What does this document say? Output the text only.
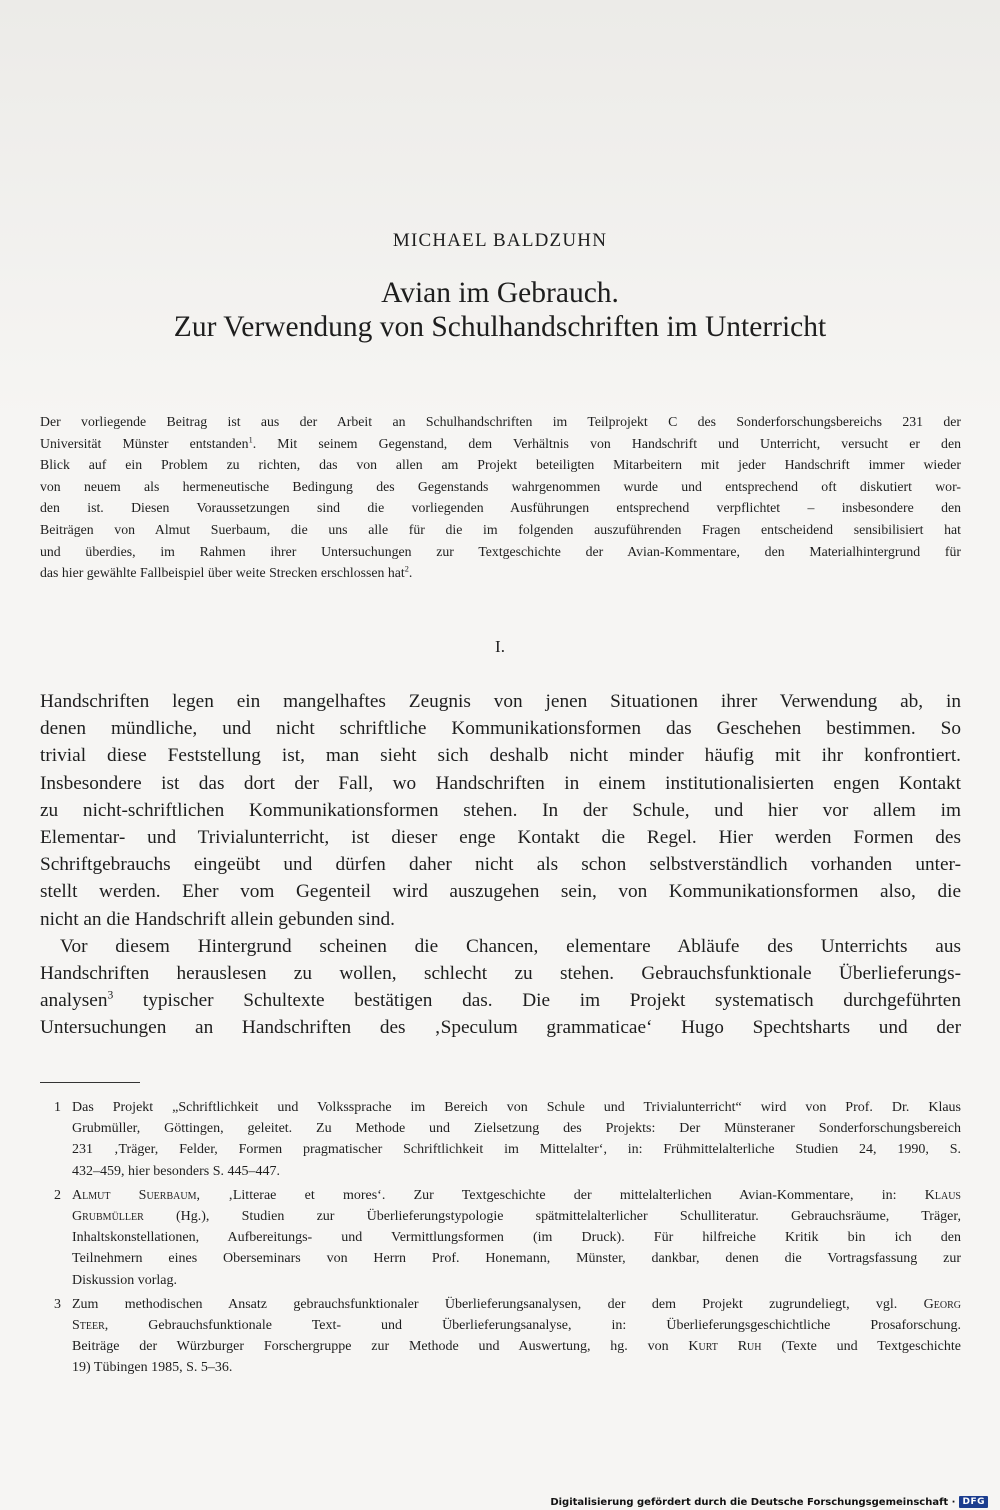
MICHAEL BALDZUHN
Avian im Gebrauch.
Zur Verwendung von Schulhandschriften im Unterricht
Der vorliegende Beitrag ist aus der Arbeit an Schulhandschriften im Teilprojekt C des Sonderforschungsbereichs 231 der
Universität Münster entstanden$^1$. Mit seinem Gegenstand, dem Verhältnis von Handschrift und Unterricht, versucht er den
Blick auf ein Problem zu richten, das von allen am Projekt beteiligten Mitarbeitern mit jeder Handschrift immer wieder
von neuem als hermeneutische Bedingung des Gegenstands wahrgenommen wurde und entsprechend oft diskutiert wor-
den ist. Diesen Voraussetzungen sind die vorliegenden Ausführungen entsprechend verpflichtet – insbesondere den
Beiträgen von Almut Suerbaum, die uns alle für die im folgenden auszuführenden Fragen entscheidend sensibilisiert hat
und überdies, im Rahmen ihrer Untersuchungen zur Textgeschichte der Avian-Kommentare, den Materialhintergrund für
das hier gewählte Fallbeispiel über weite Strecken erschlossen hat$^2$.
I.
Handschriften legen ein mangelhaftes Zeugnis von jenen Situationen ihrer Verwendung ab, in
denen mündliche, und nicht schriftliche Kommunikationsformen das Geschehen bestimmen. So
trivial diese Feststellung ist, man sieht sich deshalb nicht minder häufig mit ihr konfrontiert.
Insbesondere ist das dort der Fall, wo Handschriften in einem institutionalisierten engen Kontakt
zu nicht-schriftlichen Kommunikationsformen stehen. In der Schule, und hier vor allem im
Elementar- und Trivialunterricht, ist dieser enge Kontakt die Regel. Hier werden Formen des
Schriftgebrauchs eingeübt und dürfen daher nicht als schon selbstverständlich vorhanden unter-
stellt werden. Eher vom Gegenteil wird auszugehen sein, von Kommunikationsformen also, die
nicht an die Handschrift allein gebunden sind.
Vor diesem Hintergrund scheinen die Chancen, elementare Abläufe des Unterrichts aus
Handschriften herauslesen zu wollen, schlecht zu stehen. Gebrauchsfunktionale Überlieferungs-
analysen$^3$ typischer Schultexte bestätigen das. Die im Projekt systematisch durchgeführten
Untersuchungen an Handschriften des ‚Speculum grammaticae‘ Hugo Spechtsharts und der
1 Das Projekt „Schriftlichkeit und Volkssprache im Bereich von Schule und Trivialunterricht“ wird von Prof. Dr. Klaus
Grubmüller, Göttingen, geleitet. Zu Methode und Zielsetzung des Projekts: Der Münsteraner Sonderforschungsbereich
231 ‚Träger, Felder, Formen pragmatischer Schriftlichkeit im Mittelalter‘, in: Frühmittelalterliche Studien 24, 1990, S.
432–459, hier besonders S. 445–447.
2 Almut Suerbaum, ‚Litterae et mores‘. Zur Textgeschichte der mittelalterlichen Avian-Kommentare, in: Klaus
Grubmüller (Hg.), Studien zur Überlieferungstypologie spätmittelalterlicher Schulliteratur. Gebrauchsräume, Träger,
Inhaltskonstellationen, Aufbereitungs- und Vermittlungsformen (im Druck). Für hilfreiche Kritik bin ich den
Teilnehmern eines Oberseminars von Herrn Prof. Honemann, Münster, dankbar, denen die Vortragsfassung zur
Diskussion vorlag.
3 Zum methodischen Ansatz gebrauchsfunktionaler Überlieferungsanalysen, der dem Projekt zugrundeliegt, vgl. Georg
Steer, Gebrauchsfunktionale Text- und Überlieferungsanalyse, in: Überlieferungsgeschichtliche Prosaforschung.
Beiträge der Würzburger Forschergruppe zur Methode und Auswertung, hg. von Kurt Ruh (Texte und Textgeschichte
19) Tübingen 1985, S. 5–36.
Digitalisierung gefördert durch die Deutsche Forschungsgemeinschaft · DFG
